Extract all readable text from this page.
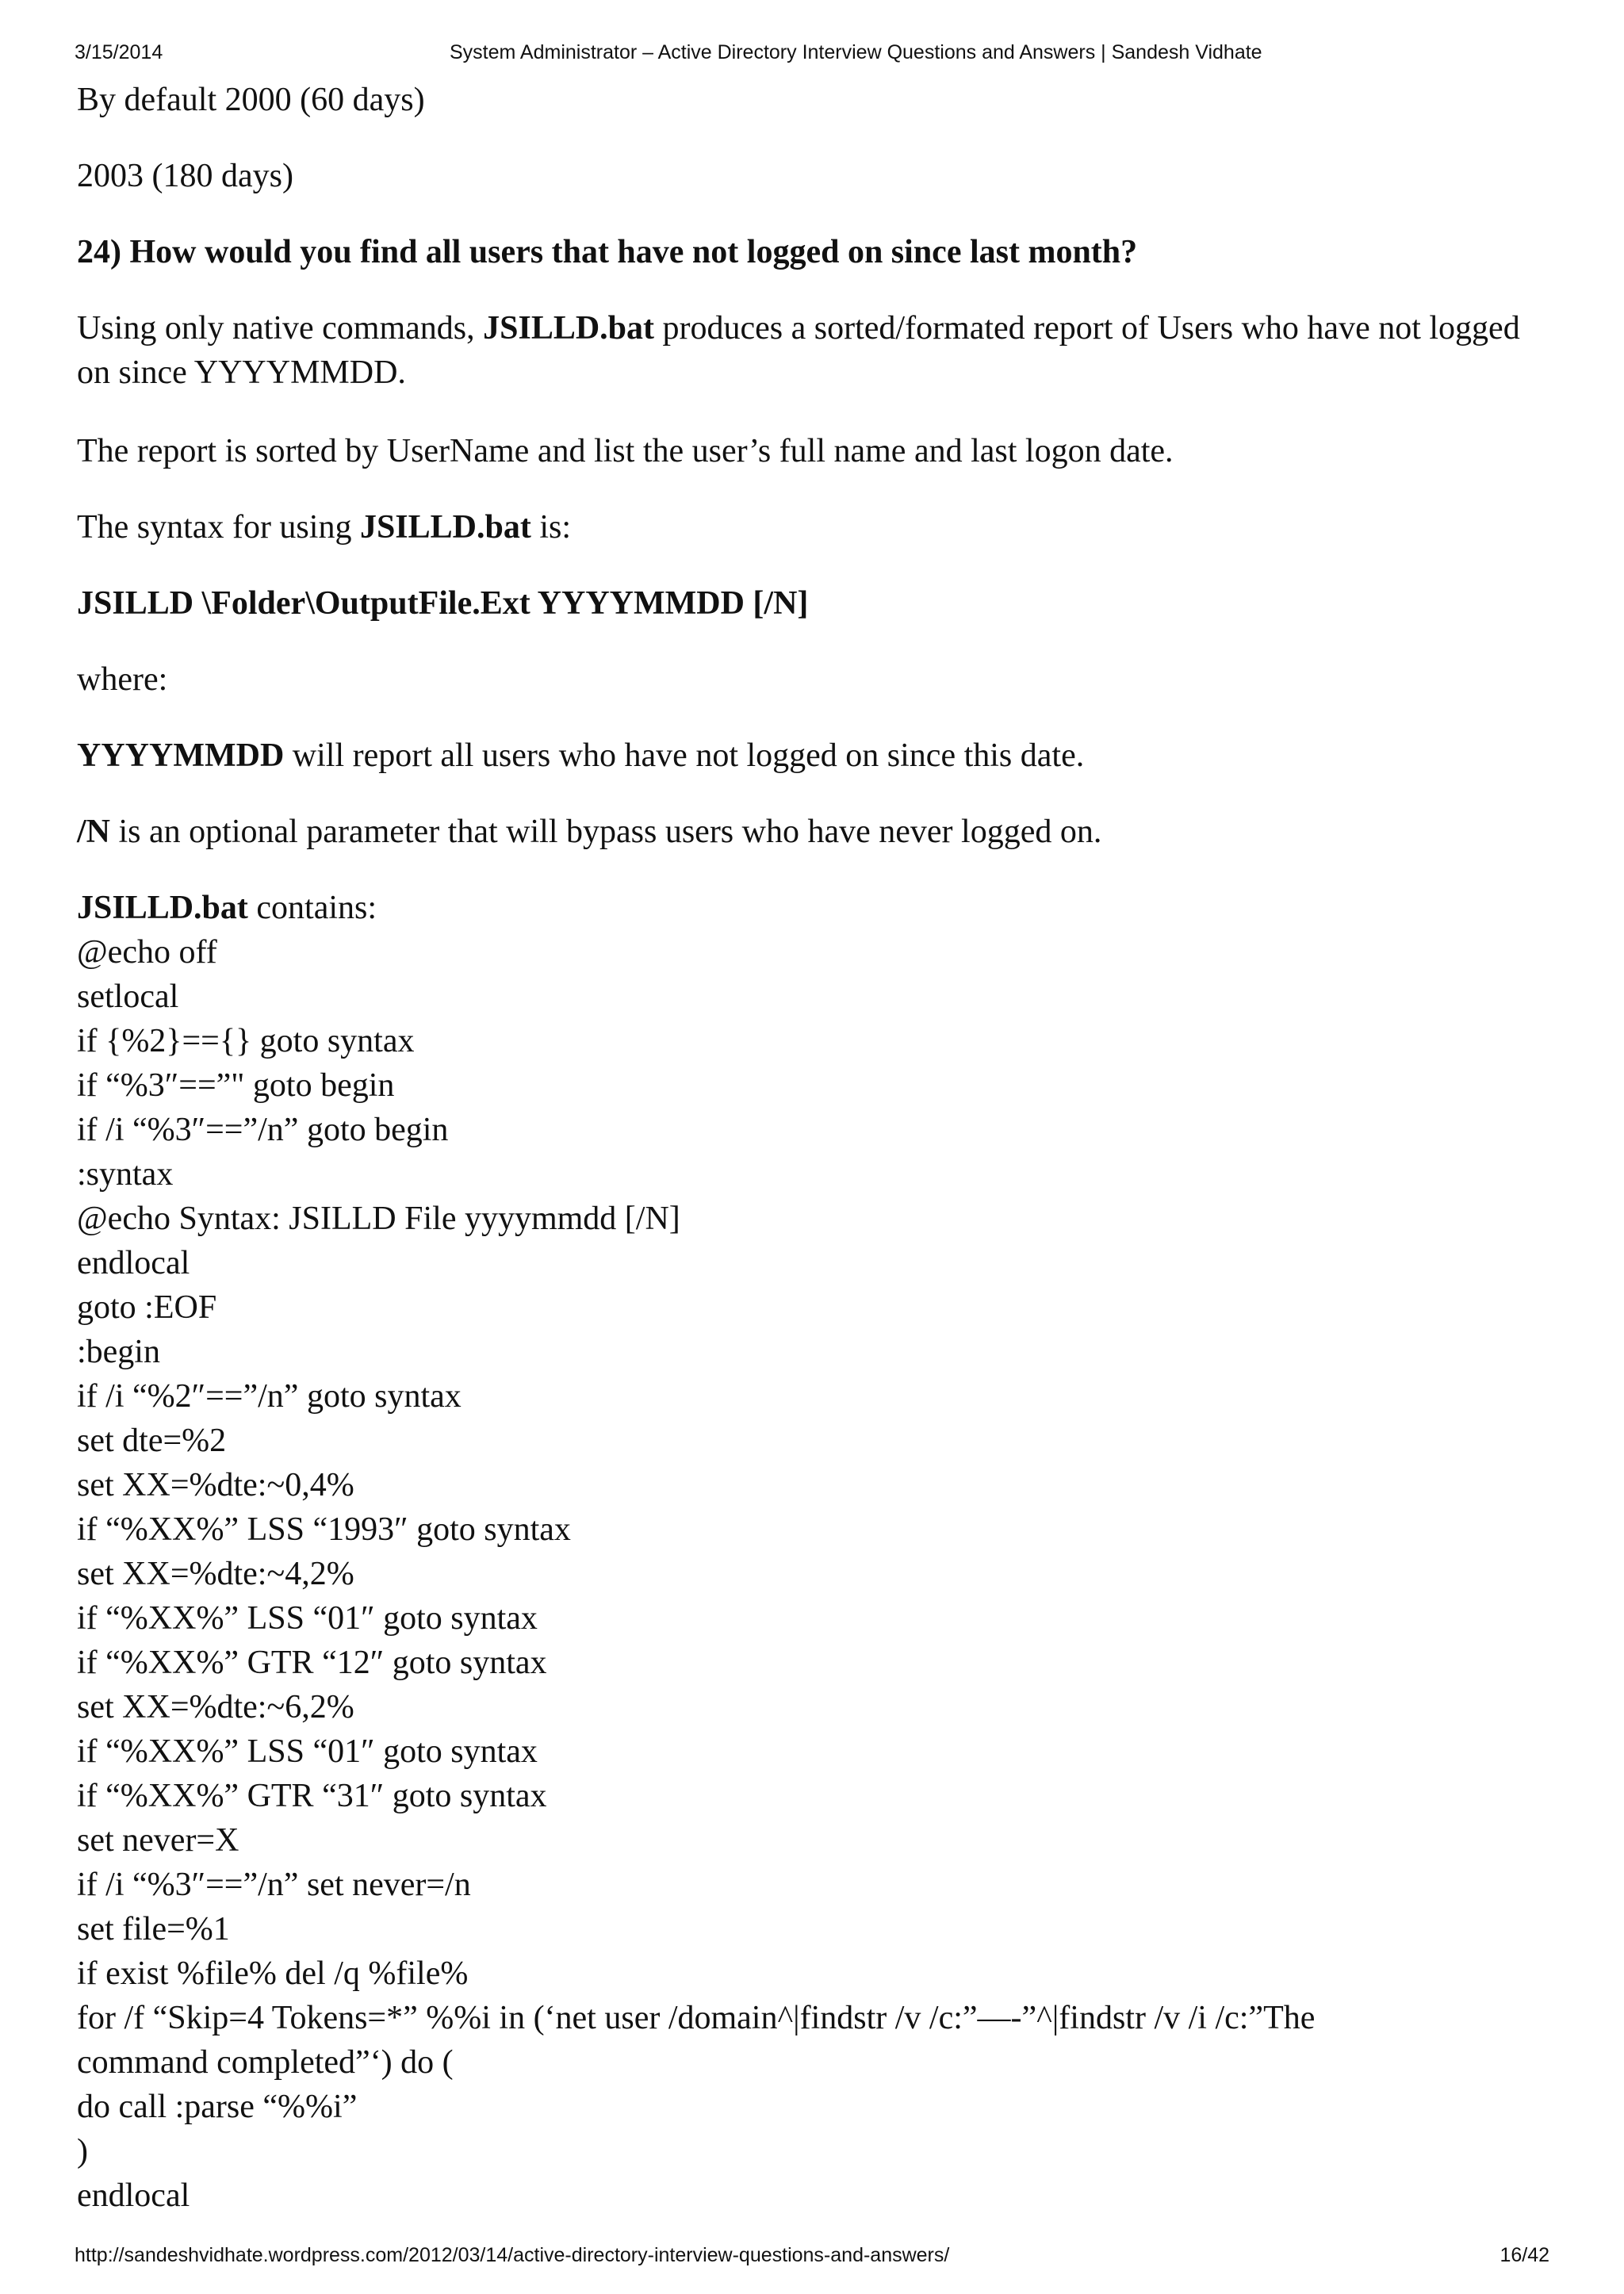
3/15/2014	System Administrator – Active Directory Interview Questions and Answers | Sandesh Vidhate

By default 2000 (60 days)

2003 (180 days)

24) How would you find all users that have not logged on since last month?

Using only native commands, JSILLD.bat produces a sorted/formated report of Users who have not logged on since YYYYMMDD.

The report is sorted by UserName and list the user’s full name and last logon date.

The syntax for using JSILLD.bat is:

JSILLD \Folder\OutputFile.Ext YYYYMMDD [/N]

where:

YYYYMMDD will report all users who have not logged on since this date.

/N is an optional parameter that will bypass users who have never logged on.

JSILLD.bat contains:
@echo off
setlocal
if {%2}=={} goto syntax
if “%3″==”" goto begin
if /i “%3″==”/n” goto begin
:syntax
@echo Syntax: JSILLD File yyyymmdd [/N]
endlocal
goto :EOF
:begin
if /i “%2″==”/n” goto syntax
set dte=%2
set XX=%dte:~0,4%
if “%XX%” LSS “1993″ goto syntax
set XX=%dte:~4,2%
if “%XX%” LSS “01″ goto syntax
if “%XX%” GTR “12″ goto syntax
set XX=%dte:~6,2%
if “%XX%” LSS “01″ goto syntax
if “%XX%” GTR “31″ goto syntax
set never=X
if /i “%3″==”/n” set never=/n
set file=%1
if exist %file% del /q %file%
for /f “Skip=4 Tokens=*” %%i in (‘net user /domain^|findstr /v /c:”—-”^|findstr /v /i /c:”The
command completed”‘) do (
do call :parse “%%i”
)
endlocal
http://sandeshvidhate.wordpress.com/2012/03/14/active-directory-interview-questions-and-answers/	16/42
